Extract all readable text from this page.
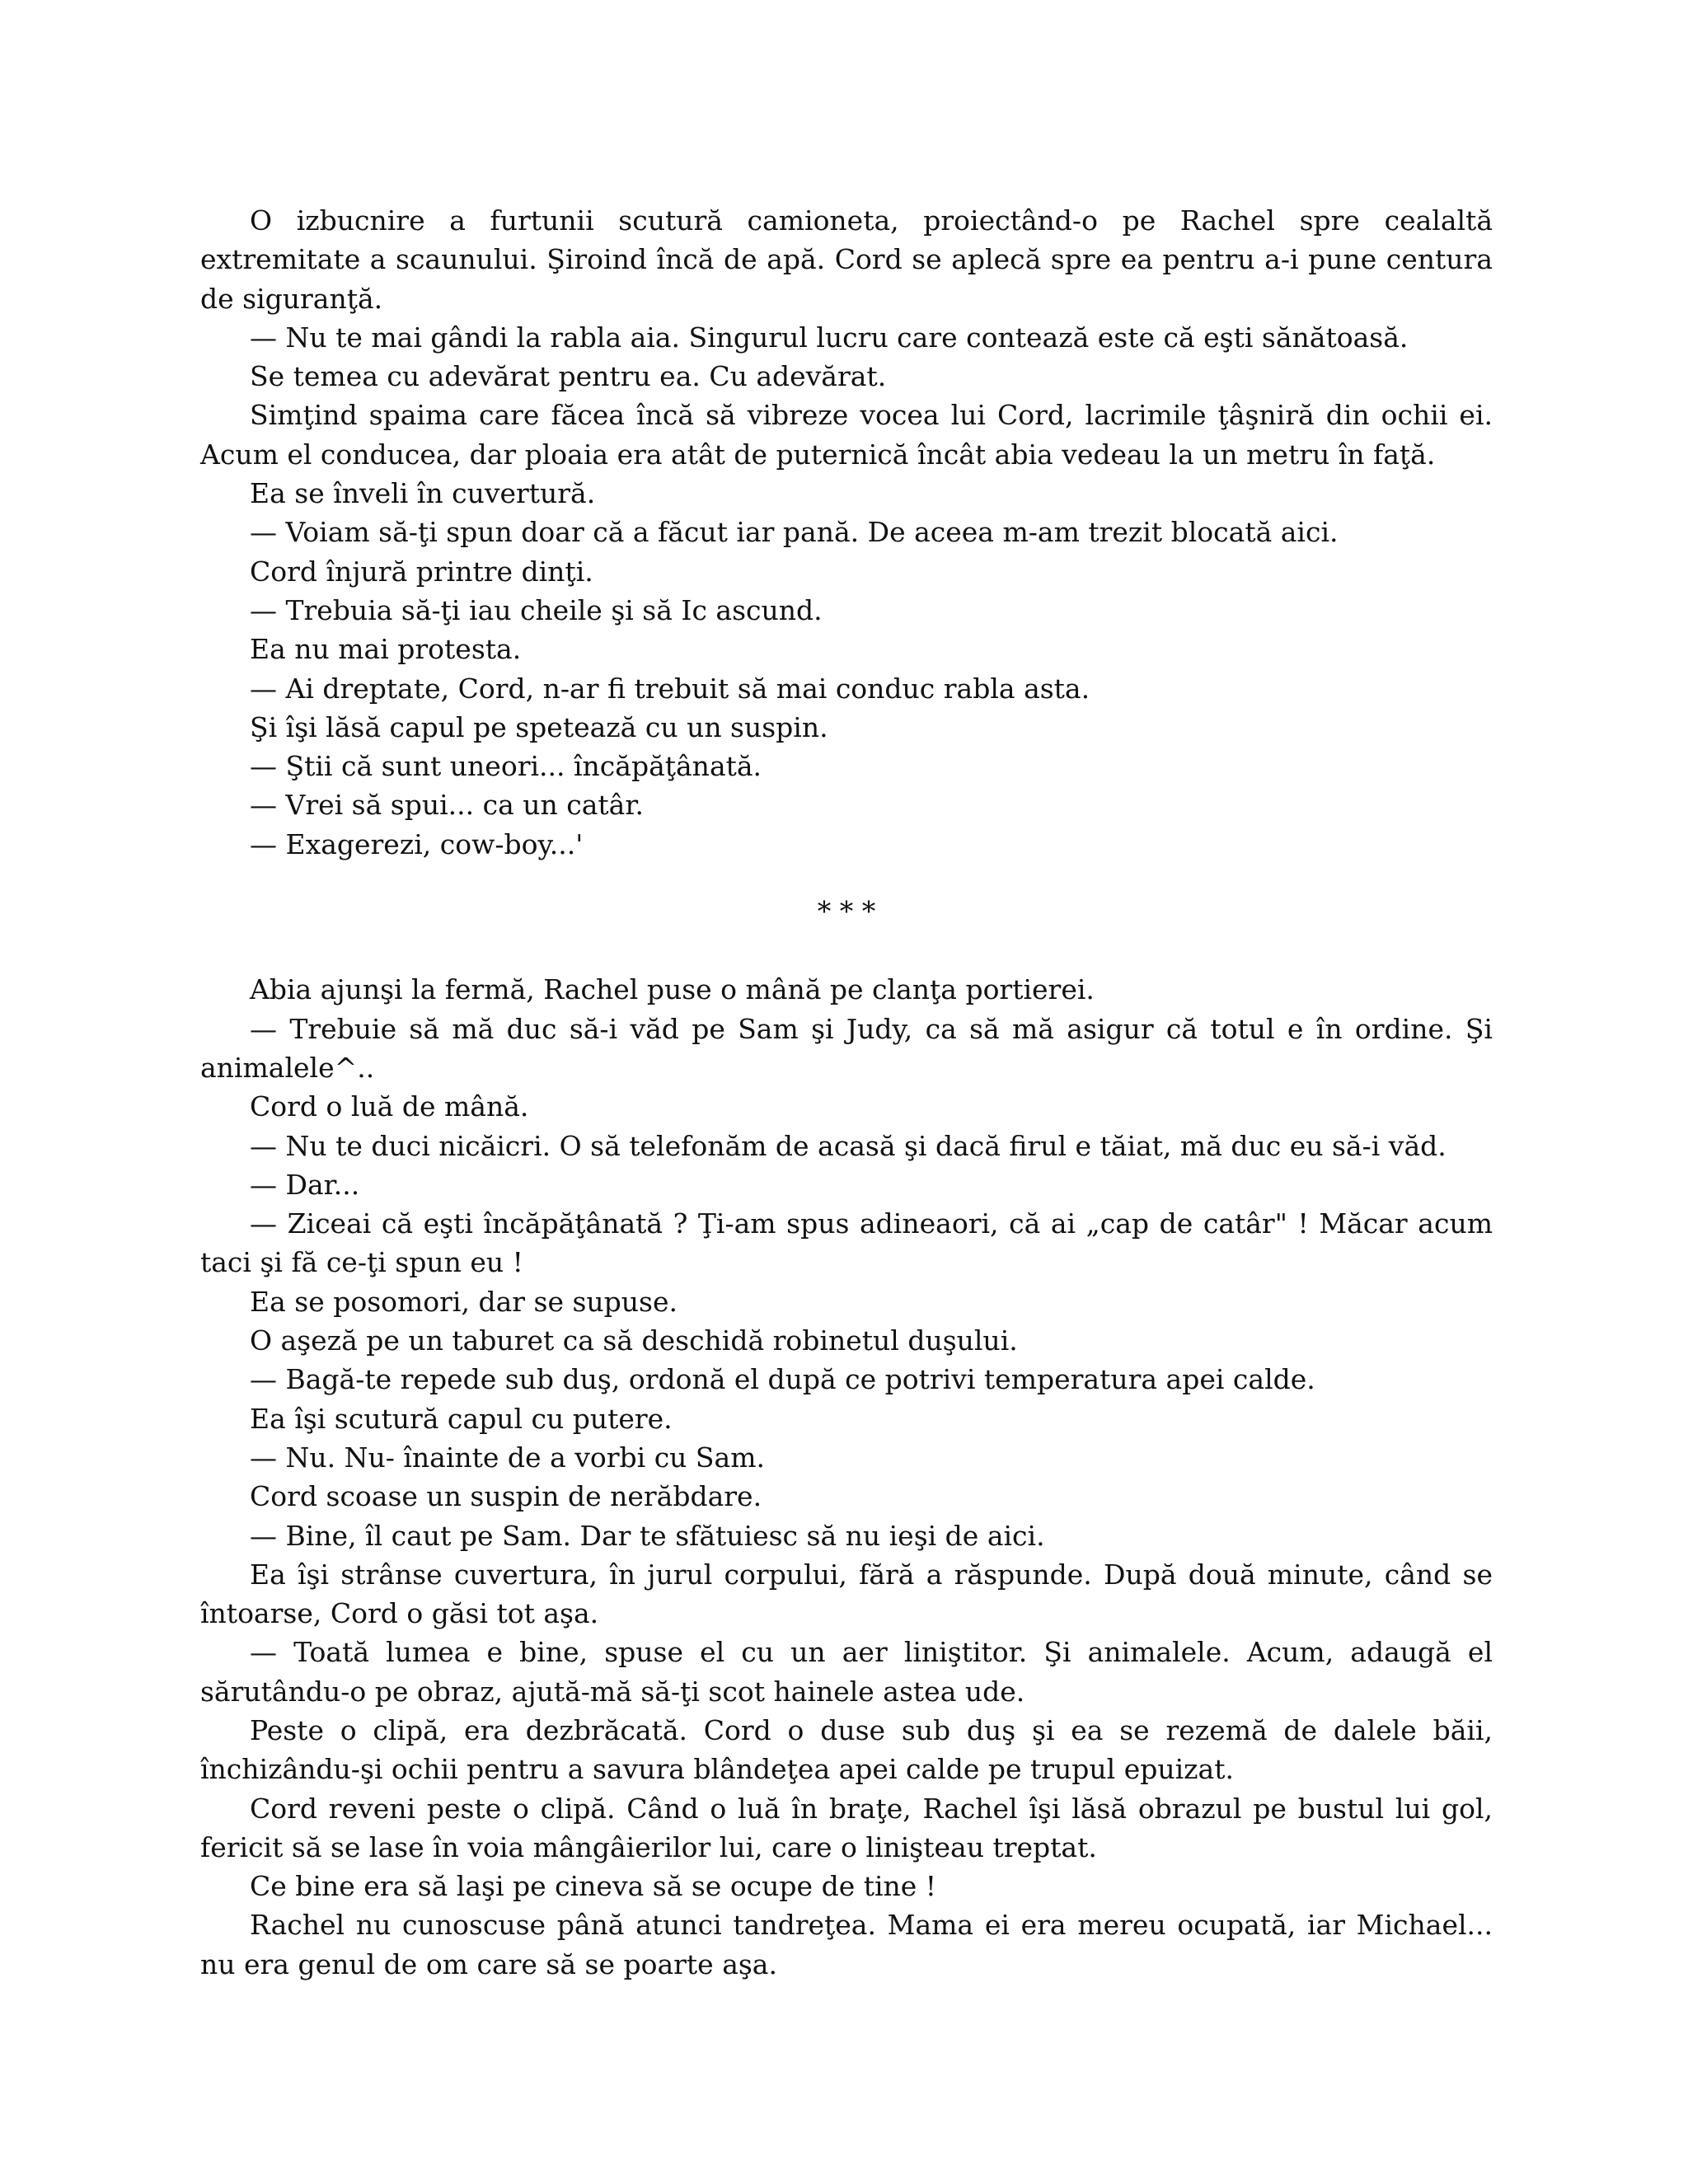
O izbucnire a furtunii scutură camioneta, proiectând-o pe Rachel spre cealaltă extremitate a scaunului. Şiroind încă de apă. Cord se aplecă spre ea pentru a-i pune centura de siguranţă.

— Nu te mai gândi la rabla aia. Singurul lucru care contează este că eşti sănătoasă.

Se temea cu adevărat pentru ea. Cu adevărat.

Simţind spaima care făcea încă să vibreze vocea lui Cord, lacrimile ţâşniră din ochii ei. Acum el conducea, dar ploaia era atât de puternică încât abia vedeau la un metru în faţă.

Ea se înveli în cuvertură.

— Voiam să-ţi spun doar că a făcut iar pană. De aceea m-am trezit blocată aici.

Cord înjură printre dinţi.

— Trebuia să-ţi iau cheile şi să Ic ascund.

Ea nu mai protesta.

— Ai dreptate, Cord, n-ar fi trebuit să mai conduc rabla asta.

Şi îşi lăsă capul pe spetează cu un suspin.

— Ştii că sunt uneori... încăpăţânată.

— Vrei să spui... ca un catâr.

— Exagerezi, cow-boy...'

* * *

Abia ajunşi la fermă, Rachel puse o mână pe clanţa portierei.

— Trebuie să mă duc să-i văd pe Sam şi Judy, ca să mă asigur că totul e în ordine. Şi animalele^..

Cord o luă de mână.

— Nu te duci nicăicri. O să telefonăm de acasă şi dacă firul e tăiat, mă duc eu să-i văd.

— Dar...

— Ziceai că eşti încăpăţânată ? Ţi-am spus adineaori, că ai „cap de catâr" ! Măcar acum taci şi fă ce-ţi spun eu !

Ea se posomori, dar se supuse.

O aşeză pe un taburet ca să deschidă robinetul duşului.

— Bagă-te repede sub duş, ordonă el după ce potrivi temperatura apei calde.

Ea îşi scutură capul cu putere.

— Nu. Nu- înainte de a vorbi cu Sam.

Cord scoase un suspin de nerăbdare.

— Bine, îl caut pe Sam. Dar te sfătuiesc să nu ieşi de aici.

Ea îşi strânse cuvertura, în jurul corpului, fără a răspunde. După două minute, când se întoarse, Cord o găsi tot aşa.

— Toată lumea e bine, spuse el cu un aer liniştitor. Şi animalele. Acum, adaugă el sărutându-o pe obraz, ajută-mă să-ţi scot hainele astea ude.

Peste o clipă, era dezbrăcată. Cord o duse sub duş şi ea se rezemă de dalele băii, închizându-şi ochii pentru a savura blândeţea apei calde pe trupul epuizat.

Cord reveni peste o clipă. Când o luă în braţe, Rachel îşi lăsă obrazul pe bustul lui gol, fericit să se lase în voia mângâierilor lui, care o linişteau treptat.

Ce bine era să laşi pe cineva să se ocupe de tine !

Rachel nu cunoscuse până atunci tandreţea. Mama ei era mereu ocupată, iar Michael... nu era genul de om care să se poarte aşa.
